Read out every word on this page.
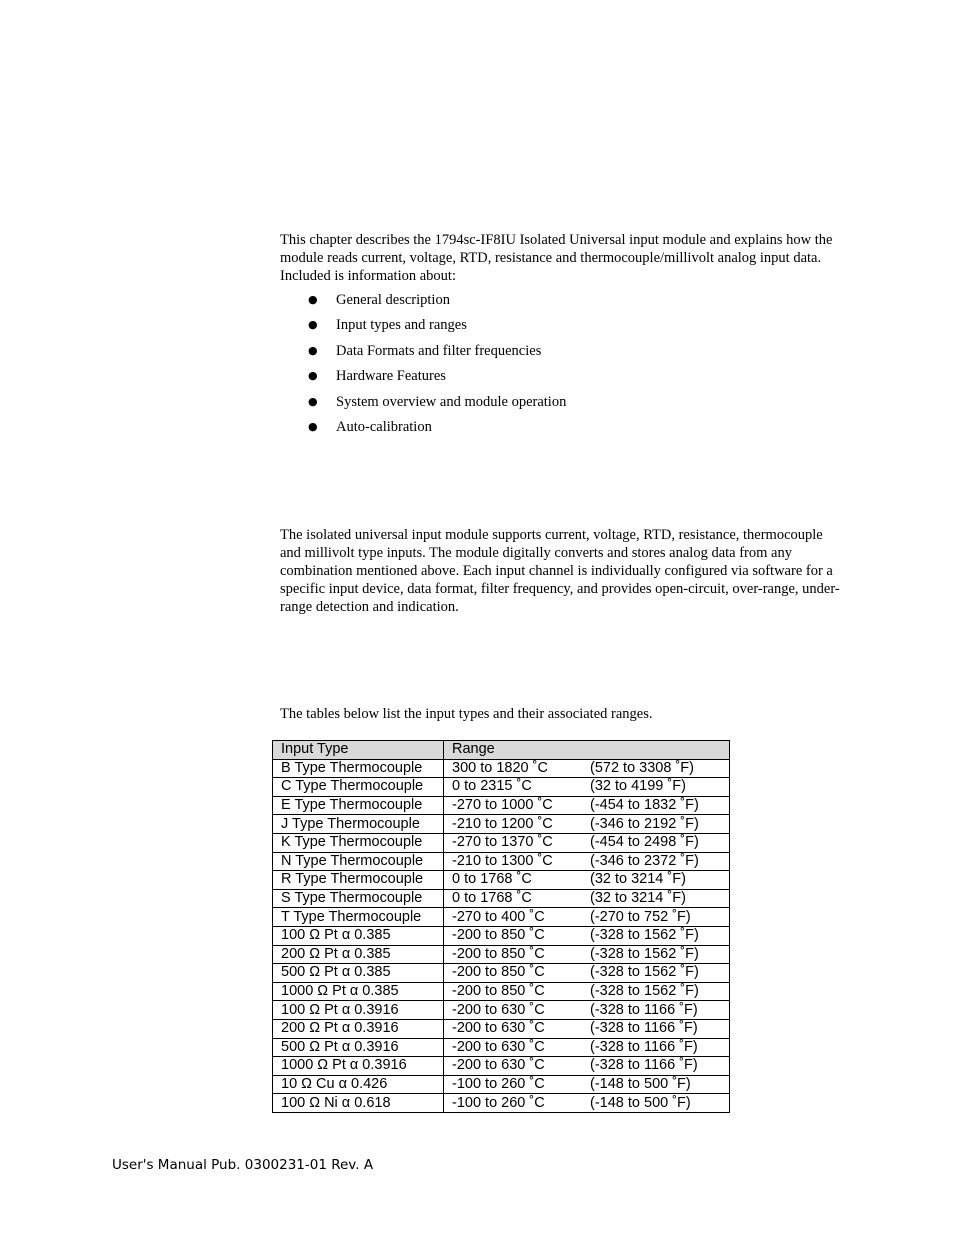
This chapter describes the 1794sc-IF8IU Isolated Universal input module and explains how the module reads current, voltage, RTD, resistance and thermocouple/millivolt analog input data. Included is information about:

● General description
● Input types and ranges
● Data Formats and filter frequencies
● Hardware Features
● System overview and module operation
● Auto-calibration

The isolated universal input module supports current, voltage, RTD, resistance, thermocouple and millivolt type inputs. The module digitally converts and stores analog data from any combination mentioned above. Each input channel is individually configured via software for a specific input device, data format, filter frequency, and provides open-circuit, over-range, under-range detection and indication.

The tables below list the input types and their associated ranges.

Input Type	Range	
B Type Thermocouple	300 to 1820 ˚C	(572 to 3308 ˚F)
C Type Thermocouple	0 to 2315 ˚C	(32 to 4199 ˚F)
E Type Thermocouple	-270 to 1000 ˚C	(-454 to 1832 ˚F)
J Type Thermocouple	-210 to 1200 ˚C	(-346 to 2192 ˚F)
K Type Thermocouple	-270 to 1370 ˚C	(-454 to 2498 ˚F)
N Type Thermocouple	-210 to 1300 ˚C	(-346 to 2372 ˚F)
R Type Thermocouple	0 to 1768 ˚C	(32 to 3214 ˚F)
S Type Thermocouple	0 to 1768 ˚C	(32 to 3214 ˚F)
T Type Thermocouple	-270 to 400 ˚C	(-270 to 752 ˚F)
100 Ω Pt α 0.385	-200 to 850 ˚C	(-328 to 1562 ˚F)
200 Ω Pt α 0.385	-200 to 850 ˚C	(-328 to 1562 ˚F)
500 Ω Pt α 0.385	-200 to 850 ˚C	(-328 to 1562 ˚F)
1000 Ω Pt α 0.385	-200 to 850 ˚C	(-328 to 1562 ˚F)
100 Ω Pt α 0.3916	-200 to 630 ˚C	(-328 to 1166 ˚F)
200 Ω Pt α 0.3916	-200 to 630 ˚C	(-328 to 1166 ˚F)
500 Ω Pt α 0.3916	-200 to 630 ˚C	(-328 to 1166 ˚F)
1000 Ω Pt α 0.3916	-200 to 630 ˚C	(-328 to 1166 ˚F)
10 Ω Cu α 0.426	-100 to 260 ˚C	(-148 to 500 ˚F)
100 Ω Ni α 0.618	-100 to 260 ˚C	(-148 to 500 ˚F)
User's Manual Pub. 0300231-01 Rev. A
